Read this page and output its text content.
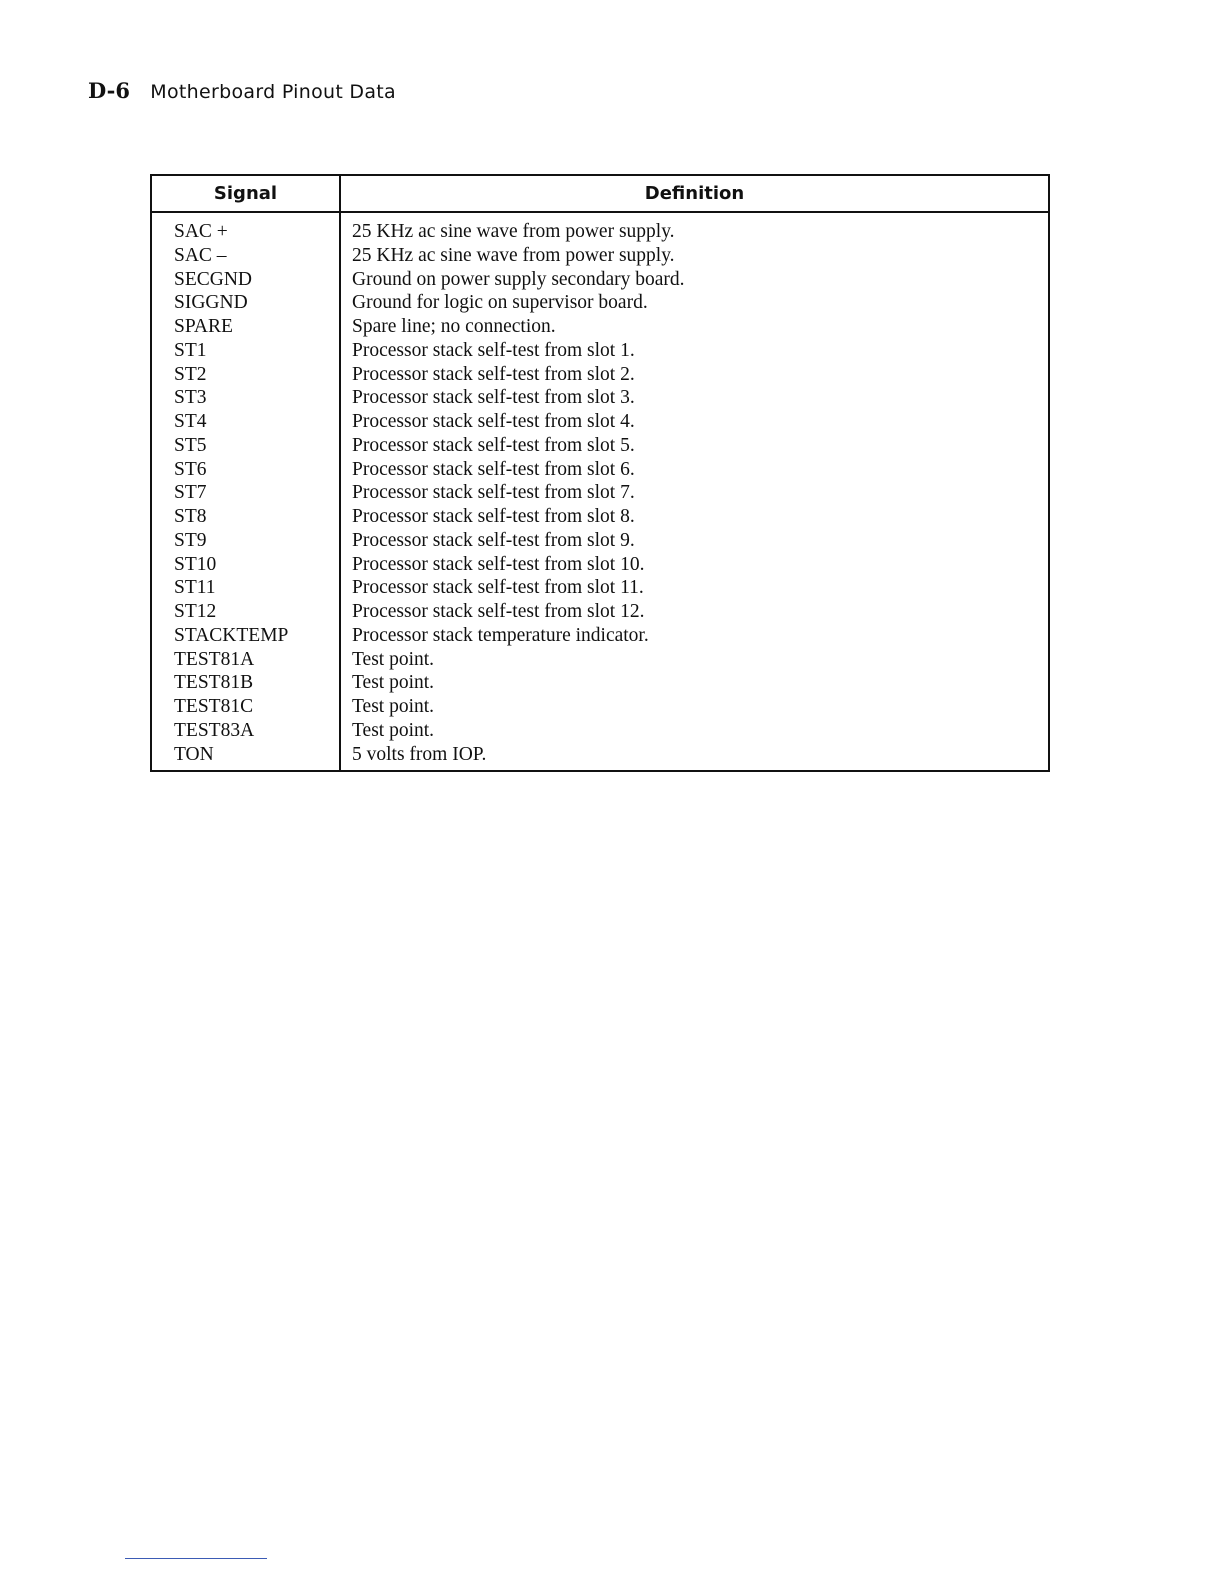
D-6 Motherboard Pinout Data
Signal	Definition
SAC +
SAC –
SECGND
SIGGND
SPARE
ST1
ST2
ST3
ST4
ST5
ST6
ST7
ST8
ST9
ST10
ST11
ST12
STACKTEMP
TEST81A
TEST81B
TEST81C
TEST83A
TON
25 KHz ac sine wave from power supply.
25 KHz ac sine wave from power supply.
Ground on power supply secondary board.
Ground for logic on supervisor board.
Spare line; no connection.
Processor stack self-test from slot 1.
Processor stack self-test from slot 2.
Processor stack self-test from slot 3.
Processor stack self-test from slot 4.
Processor stack self-test from slot 5.
Processor stack self-test from slot 6.
Processor stack self-test from slot 7.
Processor stack self-test from slot 8.
Processor stack self-test from slot 9.
Processor stack self-test from slot 10.
Processor stack self-test from slot 11.
Processor stack self-test from slot 12.
Processor stack temperature indicator.
Test point.
Test point.
Test point.
Test point.
5 volts from IOP.
